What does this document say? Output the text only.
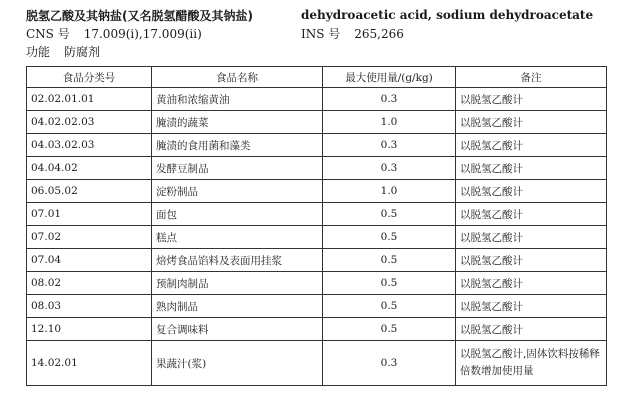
脱氢乙酸及其钠盐(又名脱氢醋酸及其钠盐)	dehydroacetic acid, sodium dehydroacetate
CNS 号 17.009(i),17.009(ii)	INS 号 265,266
功能 防腐剂
食品分类号	食品名称	最大使用量/(g/kg)	备注
02.02.01.01	黄油和浓缩黄油	0.3	以脱氢乙酸计
04.02.02.03	腌渍的蔬菜	1.0	以脱氢乙酸计
04.03.02.03	腌渍的食用菌和藻类	0.3	以脱氢乙酸计
04.04.02	发酵豆制品	0.3	以脱氢乙酸计
06.05.02	淀粉制品	1.0	以脱氢乙酸计
07.01	面包	0.5	以脱氢乙酸计
07.02	糕点	0.5	以脱氢乙酸计
07.04	焙烤食品馅料及表面用挂浆	0.5	以脱氢乙酸计
08.02	预制肉制品	0.5	以脱氢乙酸计
08.03	熟肉制品	0.5	以脱氢乙酸计
12.10	复合调味料	0.5	以脱氢乙酸计
14.02.01	果蔬汁(浆)	0.3	以脱氢乙酸计,固体饮料按稀释倍数增加使用量
